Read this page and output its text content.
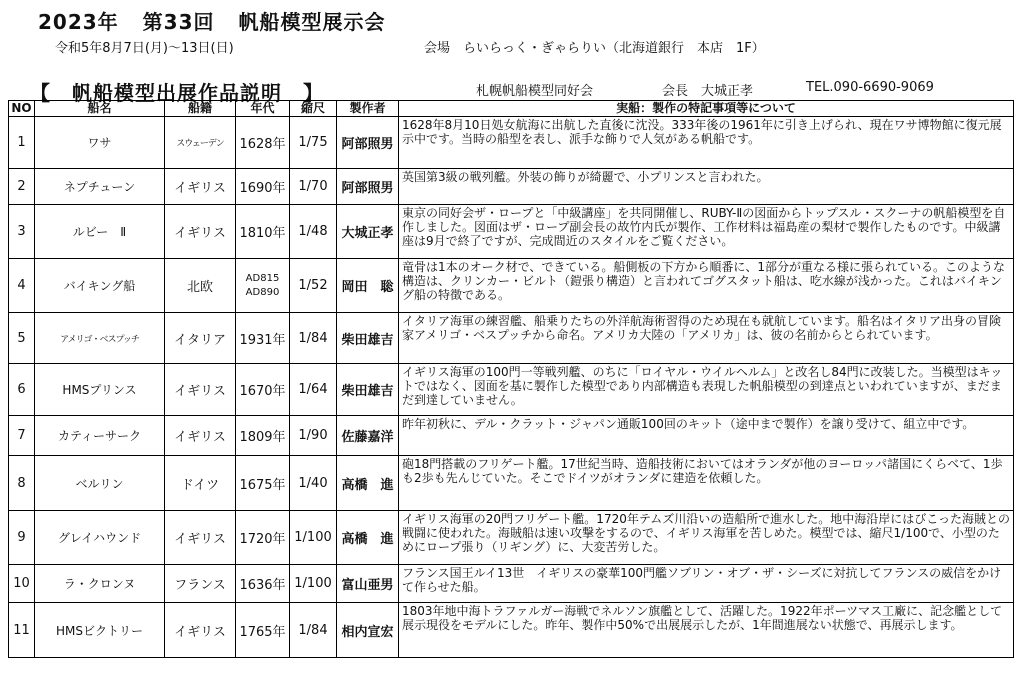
2023年 第33回 帆船模型展示会
令和5年8月7日(月)～13日(日)	会場　らいらっく・ぎゃらりい（北海道銀行　本店　1F）
【　帆船模型出展作品説明　】	札幌帆船模型同好会	会長　大城正孝	TEL.090-6690-9069
NO	船名	船籍	年代	縮尺	製作者	実船：製作の特記事項等について
1	ワサ	スウェーデン	1628年	1/75	阿部照男	1628年8月10日処女航海に出航した直後に沈没。333年後の1961年に引き上げられ、現在ワサ博物館に復元展示中です。当時の船型を表し、派手な飾りで人気がある帆船です。
2	ネプチューン	イギリス	1690年	1/70	阿部照男	英国第3級の戦列艦。外装の飾りが綺麗で、小プリンスと言われた。
3	ルビー　Ⅱ	イギリス	1810年	1/48	大城正孝	東京の同好会ザ・ロープと「中級講座」を共同開催し、RUBY-Ⅱの図面からトップスル・スクーナの帆船模型を自作しました。図面はザ・ロープ副会長の故竹内氏が製作、工作材料は福島産の梨材で製作したものです。中級講座は9月で終了ですが、完成間近のスタイルをご覧ください。
4	バイキング船	北欧	AD815 AD890	1/52	岡田　聡	竜骨は1本のオーク材で、できている。船側板の下方から順番に、1部分が重なる様に張られている。このような構造は、クリンカー・ビルト（鎧張り構造）と言われてゴグスタット船は、吃水線が浅かった。これはバイキング船の特徴である。
5	アメリゴ・ベスプッチ	イタリア	1931年	1/84	柴田雄吉	イタリア海軍の練習艦、船乗りたちの外洋航海術習得のため現在も就航しています。船名はイタリア出身の冒険家アメリゴ・ベスプッチから命名。アメリカ大陸の「アメリカ」は、彼の名前からとられています。
6	HMSプリンス	イギリス	1670年	1/64	柴田雄吉	イギリス海軍の100門一等戦列艦、のちに「ロイヤル・ウイルヘルム」と改名し84門に改装した。当模型はキットではなく、図面を基に製作した模型であり内部構造も表現した帆船模型の到達点といわれていますが、まだまだ到達していません。
7	カティーサーク	イギリス	1809年	1/90	佐藤嘉洋	昨年初秋に、デル・クラット・ジャパン通販100回のキット（途中まで製作）を譲り受けて、組立中です。
8	ベルリン	ドイツ	1675年	1/40	高橋　進	砲18門搭載のフリゲート艦。17世紀当時、造船技術においてはオランダが他のヨーロッパ諸国にくらべて、1歩も2歩も先んじていた。そこでドイツがオランダに建造を依頼した。
9	グレイハウンド	イギリス	1720年	1/100	高橋　進	イギリス海軍の20門フリゲート艦。1720年テムズ川沿いの造船所で進水した。地中海沿岸にはびこった海賊との戦闘に使われた。海賊船は速い攻撃をするので、イギリス海軍を苦しめた。模型では、縮尺1/100で、小型のためにロープ張り（リギング）に、大変苦労した。
10	ラ・クロンヌ	フランス	1636年	1/100	富山亜男	フランス国王ルイ13世　イギリスの豪華100門艦ソブリン・オブ・ザ・シーズに対抗してフランスの威信をかけて作らせた船。
11	HMSビクトリー	イギリス	1765年	1/84	相内宣宏	1803年地中海トラファルガー海戦でネルソン旗艦として、活躍した。1922年ポーツマス工廠に、記念艦として展示現役をモデルにした。昨年、製作中50%で出展展示したが、1年間進展ない状態で、再展示します。
